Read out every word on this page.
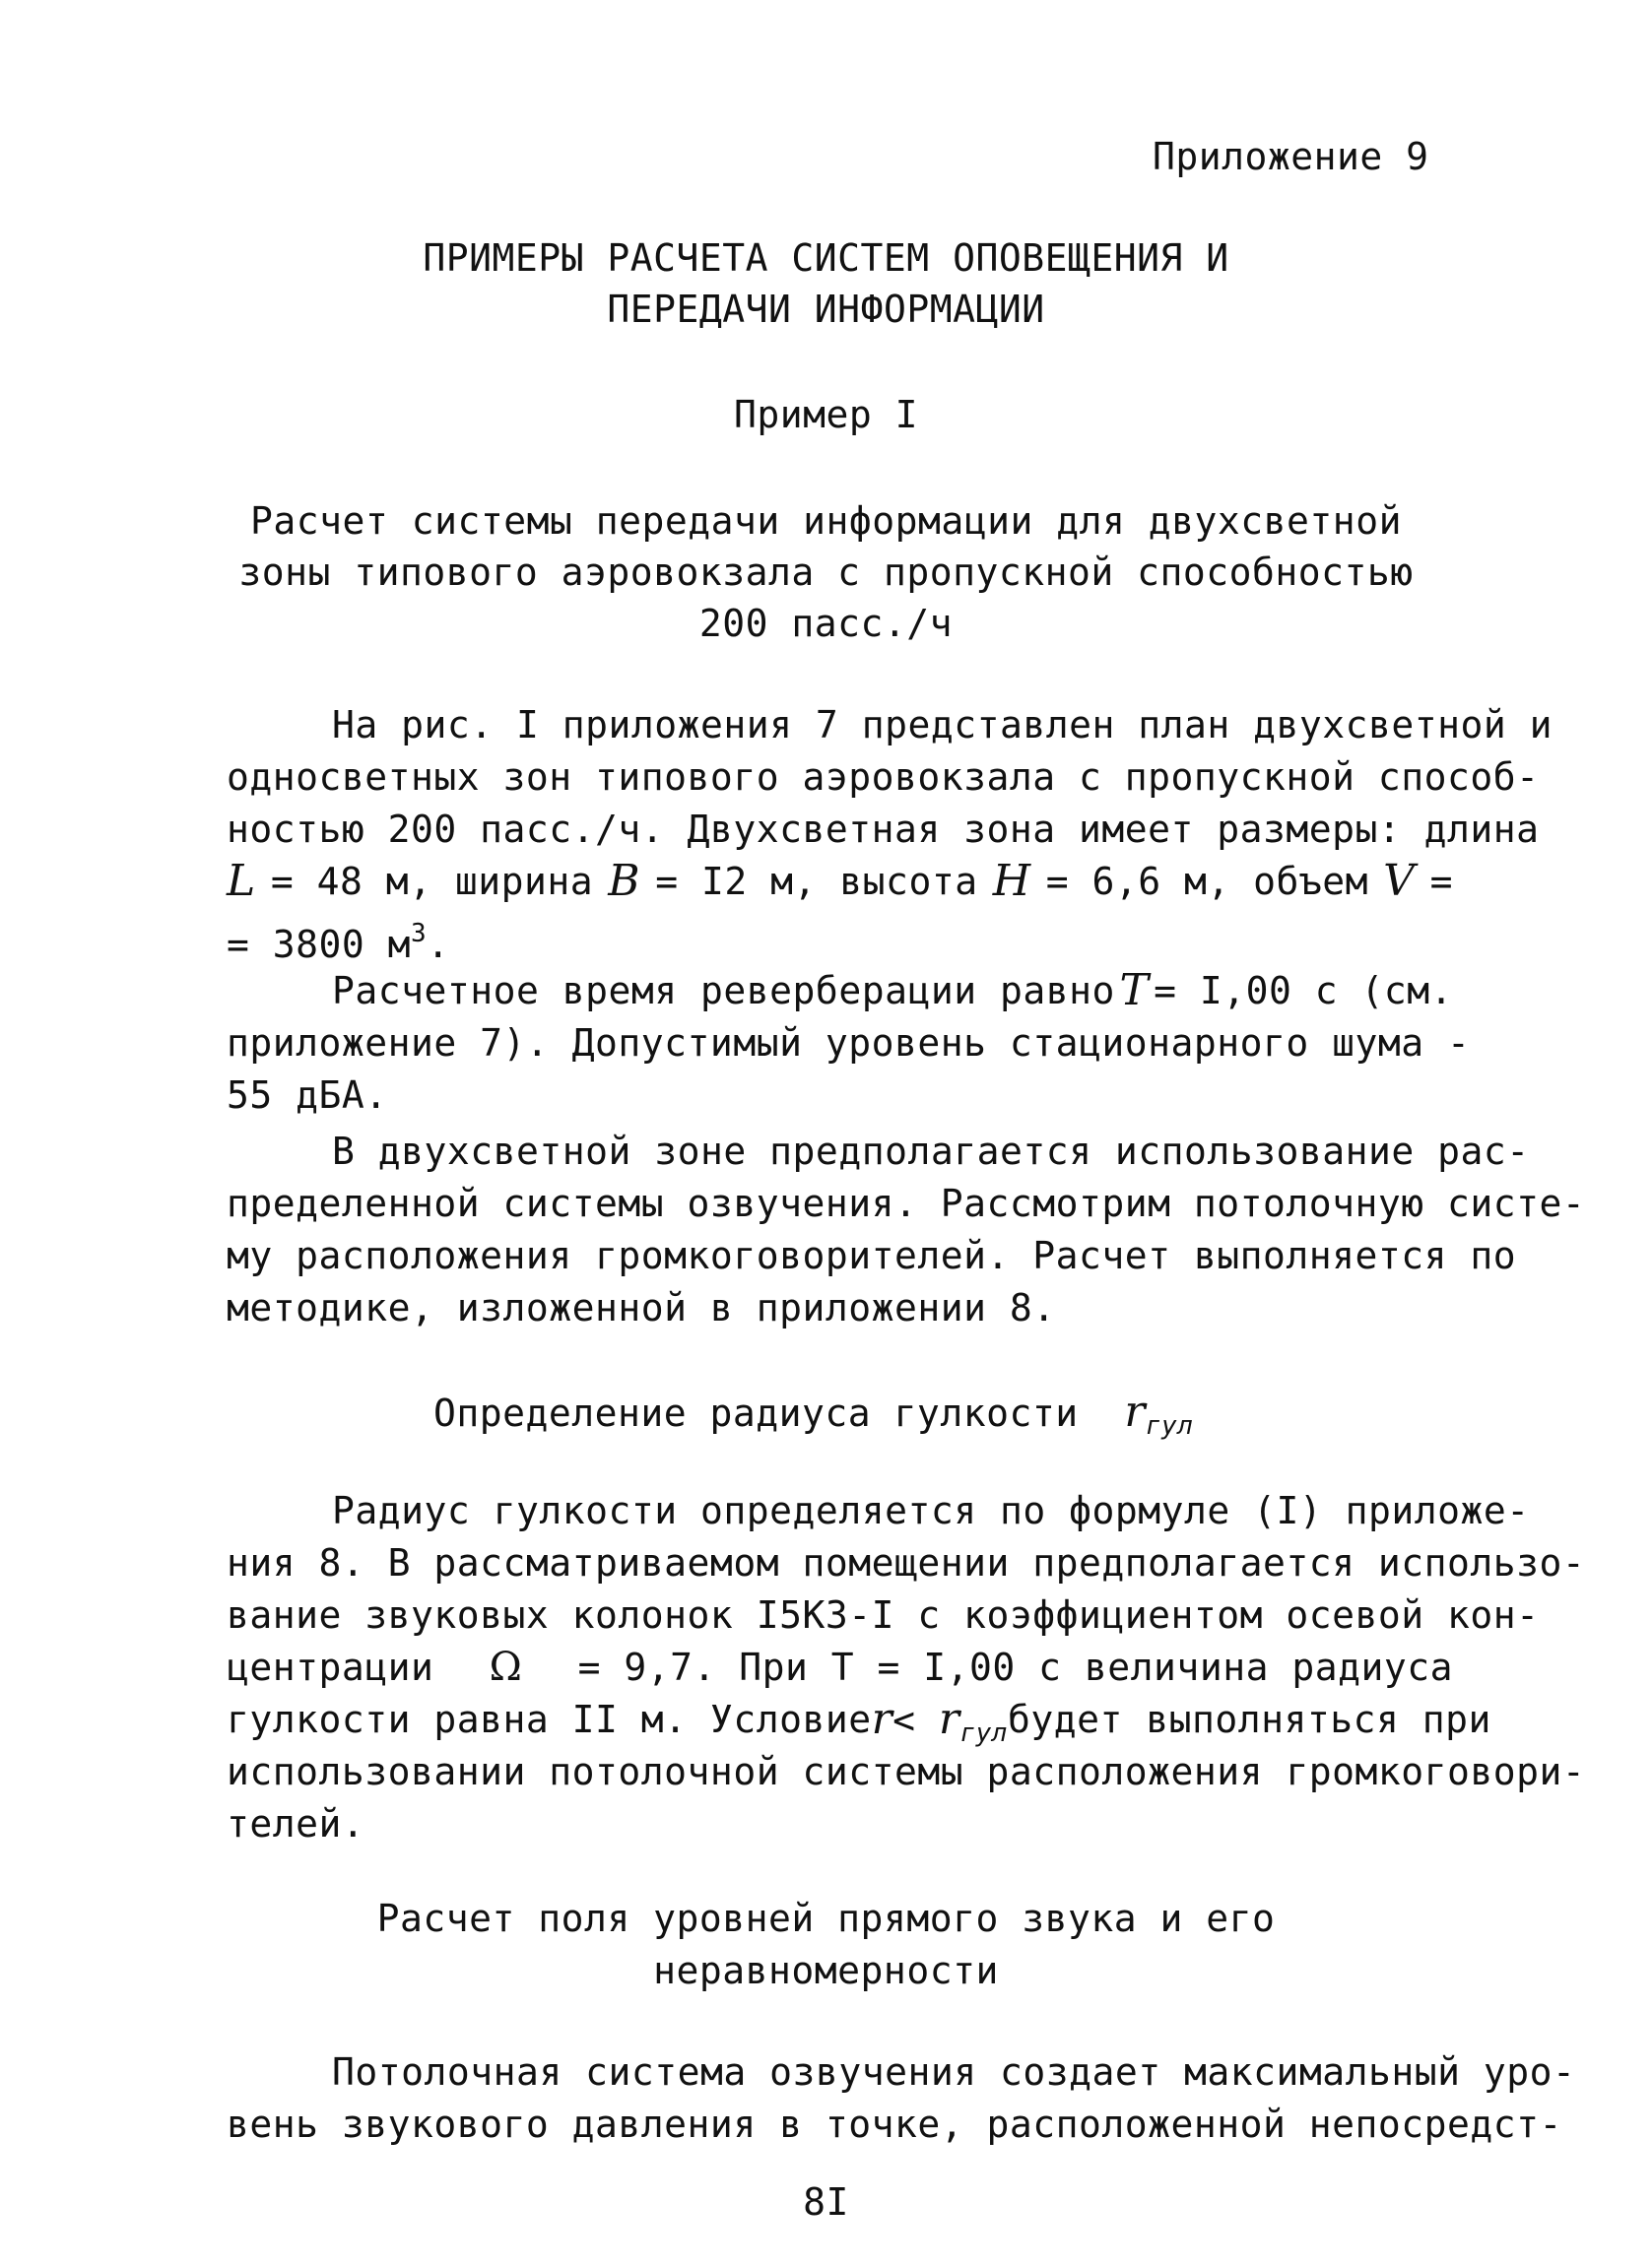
Приложение 9
ПРИМЕРЫ РАСЧЕТА СИСТЕМ ОПОВЕЩЕНИЯ И
ПЕРЕДАЧИ ИНФОРМАЦИИ
Пример I
Расчет системы передачи информации для двухсветной
зоны типового аэровокзала с пропускной способностью
200 пасс./ч
На рис. I приложения 7 представлен план двухсветной и
односветных зон типового аэровокзала с пропускной способ-
ностью 200 пасс./ч. Двухсветная зона имеет размеры: длина
L = 48 м, ширина B = I2 м, высота H = 6,6 м, объем V =
= 3800 $м^3$.
Расчетное время реверберации равно T = I,00 с (см.
приложение 7). Допустимый уровень стационарного шума -
55 дБА.
В двухсветной зоне предполагается использование рас-
пределенной системы озвучения. Рассмотрим потолочную систе-
му расположения громкоговорителей. Расчет выполняется по
методике, изложенной в приложении 8.
Определение радиуса гулкости $r_{гул}$
Радиус гулкости определяется по формуле (I) приложе-
ния 8. В рассматриваемом помещении предполагается использо-
вание звуковых колонок I5КЗ-I с коэффициентом осевой кон-
центрации Ω = 9,7. При T = I,00 с величина радиуса
гулкости равна II м. Условие $r< r_{гул}$ будет выполняться при
использовании потолочной системы расположения громкоговори-
телей.
Расчет поля уровней прямого звука и его
неравномерности
Потолочная система озвучения создает максимальный уро-
вень звукового давления в точке, расположенной непосредст-
8I
